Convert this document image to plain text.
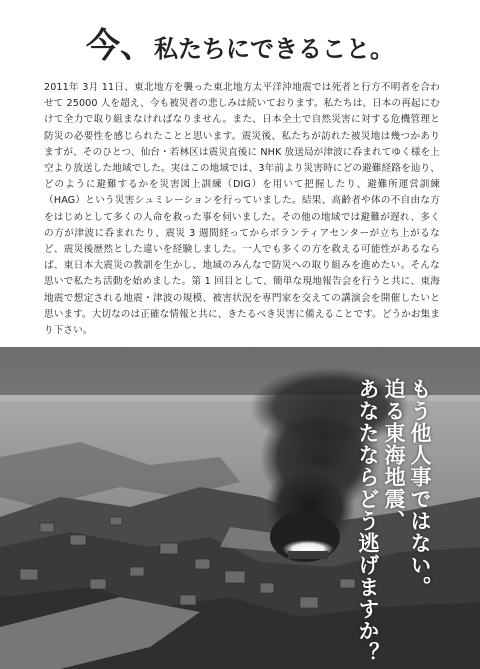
今、私たちにできること。
2011年 3月 11日、東北地方を襲った東北地方太平洋沖地震では死者と行方不明者を合わせて 25000 人を超え、今も被災者の悲しみは続いております。私たちは、日本の再起にむけて全力で取り組まなければなりません。また、日本全土で自然災害に対する危機管理と防災の必要性を感じられたことと思います。震災後、私たちが訪れた被災地は幾つかありますが、そのひとつ、仙台・若林区は震災直後に NHK 放送局が津波に呑まれてゆく様を上空より放送した地域でした。実はこの地域では、3年前より災害時にどの避難経路を辿り、どのように避難するかを災害図上訓練（DIG）を用いて把握したり、避難所運営訓練（HAG）という災害シュミレーションを行っていました。結果、高齢者や体の不自由な方をはじめとして多くの人命を救った事を伺いました。その他の地域では避難が遅れ、多くの方が津波に呑まれたり、震災 3 週間経ってからボランティアセンターが立ち上がるなど、震災後歴然とした違いを経験しました。一人でも多くの方を救える可能性があるならば、東日本大震災の教訓を生かし、地域のみんなで防災への取り組みを進めたい。そんな思いで私たち活動を始めました。第 1 回目として、簡単な現地報告会を行うと共に、東海地震で想定される地震・津波の規模、被害状況を専門家を交えての講演会を開催したいと思います。大切なのは正確な情報と共に、きたるべき災害に備えることです。どうかお集まり下さい。
もう他人事ではない。
迫る東海地震、
あなたならどう逃げますか？
